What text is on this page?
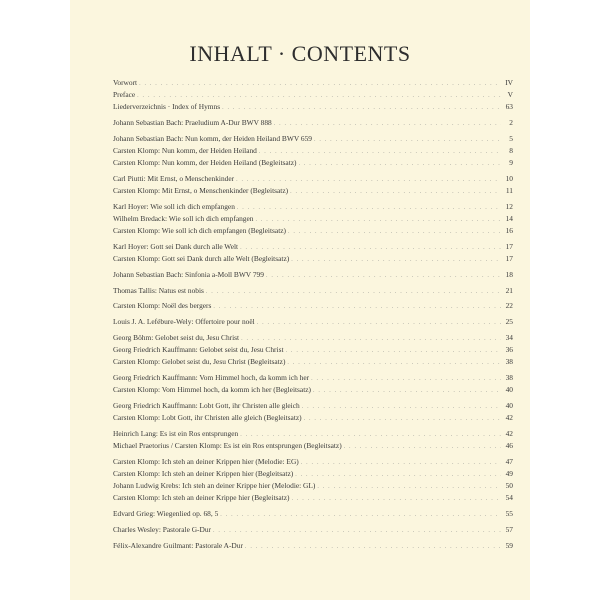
INHALT · CONTENTS
Vorwort . . .	IV
Preface . . .	V
Liederverzeichnis · Index of Hymns . . .	63
Johann Sebastian Bach: Praeludium A-Dur BWV 888 . . .	2
Johann Sebastian Bach: Nun komm, der Heiden Heiland BWV 659 . . .	5
Carsten Klomp: Nun komm, der Heiden Heiland . . .	8
Carsten Klomp: Nun komm, der Heiden Heiland (Begleitsatz) . . .	9
Carl Piutti: Mit Ernst, o Menschenkinder . . .	10
Carsten Klomp: Mit Ernst, o Menschenkinder (Begleitsatz) . . .	11
Karl Hoyer: Wie soll ich dich empfangen . . .	12
Wilhelm Bredack: Wie soll ich dich empfangen . . .	14
Carsten Klomp: Wie soll ich dich empfangen (Begleitsatz) . . .	16
Karl Hoyer: Gott sei Dank durch alle Welt . . .	17
Carsten Klomp: Gott sei Dank durch alle Welt (Begleitsatz) . . .	17
Johann Sebastian Bach: Sinfonia a-Moll BWV 799 . . .	18
Thomas Tallis: Natus est nobis . . .	21
Carsten Klomp: Noël des bergers . . .	22
Louis J. A. Lefébure-Wely: Offertoire pour noël . . .	25
Georg Böhm: Gelobet seist du, Jesu Christ . . .	34
Georg Friedrich Kauffmann: Gelobet seist du, Jesu Christ . . .	36
Carsten Klomp: Gelobet seist du, Jesu Christ (Begleitsatz) . . .	38
Georg Friedrich Kauffmann: Vom Himmel hoch, da komm ich her . . .	38
Carsten Klomp: Vom Himmel hoch, da komm ich her (Begleitsatz) . . .	40
Georg Friedrich Kauffmann: Lobt Gott, ihr Christen alle gleich . . .	40
Carsten Klomp: Lobt Gott, ihr Christen alle gleich (Begleitsatz) . . .	42
Heinrich Lang: Es ist ein Ros entsprungen . . .	42
Michael Praetorius / Carsten Klomp: Es ist ein Ros entsprungen (Begleitsatz) . . .	46
Carsten Klomp: Ich steh an deiner Krippen hier (Melodie: EG) . . .	47
Carsten Klomp: Ich steh an deiner Krippen hier (Begleitsatz) . . .	49
Johann Ludwig Krebs: Ich steh an deiner Krippe hier (Melodie: GL) . . .	50
Carsten Klomp: Ich steh an deiner Krippe hier (Begleitsatz) . . .	54
Edvard Grieg: Wiegenlied op. 68, 5 . . .	55
Charles Wesley: Pastorale G-Dur . . .	57
Félix-Alexandre Guilmant: Pastorale A-Dur . . .	59
